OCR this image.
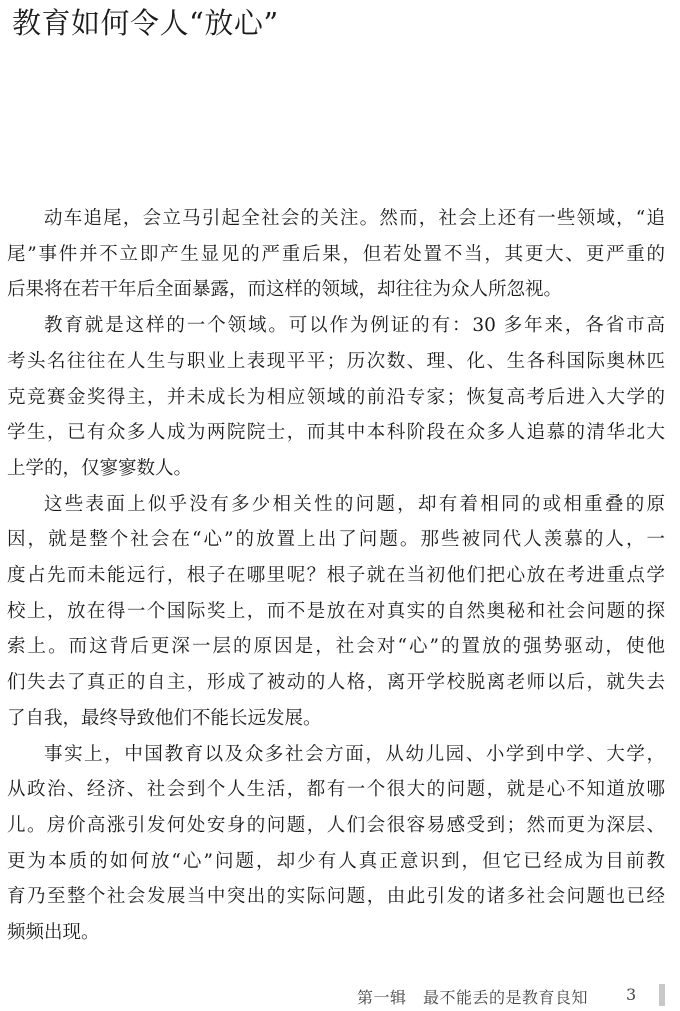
教育如何令人“放心”

动车追尾，会立马引起全社会的关注。然而，社会上还有一些领域，“追

尾”事件并不立即产生显见的严重后果，但若处置不当，其更大、更严重的

后果将在若干年后全面暴露，而这样的领域，却往往为众人所忽视。

教育就是这样的一个领域。可以作为例证的有：30 多年来，各省市高

考头名往往在人生与职业上表现平平；历次数、理、化、生各科国际奥林匹

克竞赛金奖得主，并未成长为相应领域的前沿专家；恢复高考后进入大学的

学生，已有众多人成为两院院士，而其中本科阶段在众多人追慕的清华北大

上学的，仅寥寥数人。

这些表面上似乎没有多少相关性的问题，却有着相同的或相重叠的原

因，就是整个社会在“心”的放置上出了问题。那些被同代人羡慕的人，一

度占先而未能远行，根子在哪里呢？根子就在当初他们把心放在考进重点学

校上，放在得一个国际奖上，而不是放在对真实的自然奥秘和社会问题的探

索上。而这背后更深一层的原因是，社会对“心”的置放的强势驱动，使他

们失去了真正的自主，形成了被动的人格，离开学校脱离老师以后，就失去

了自我，最终导致他们不能长远发展。

事实上，中国教育以及众多社会方面，从幼儿园、小学到中学、大学，

从政治、经济、社会到个人生活，都有一个很大的问题，就是心不知道放哪

儿。房价高涨引发何处安身的问题，人们会很容易感受到；然而更为深层、

更为本质的如何放“心”问题，却少有人真正意识到，但它已经成为目前教

育乃至整个社会发展当中突出的实际问题，由此引发的诸多社会问题也已经

频频出现。

第一辑　最不能丢的是教育良知 3
